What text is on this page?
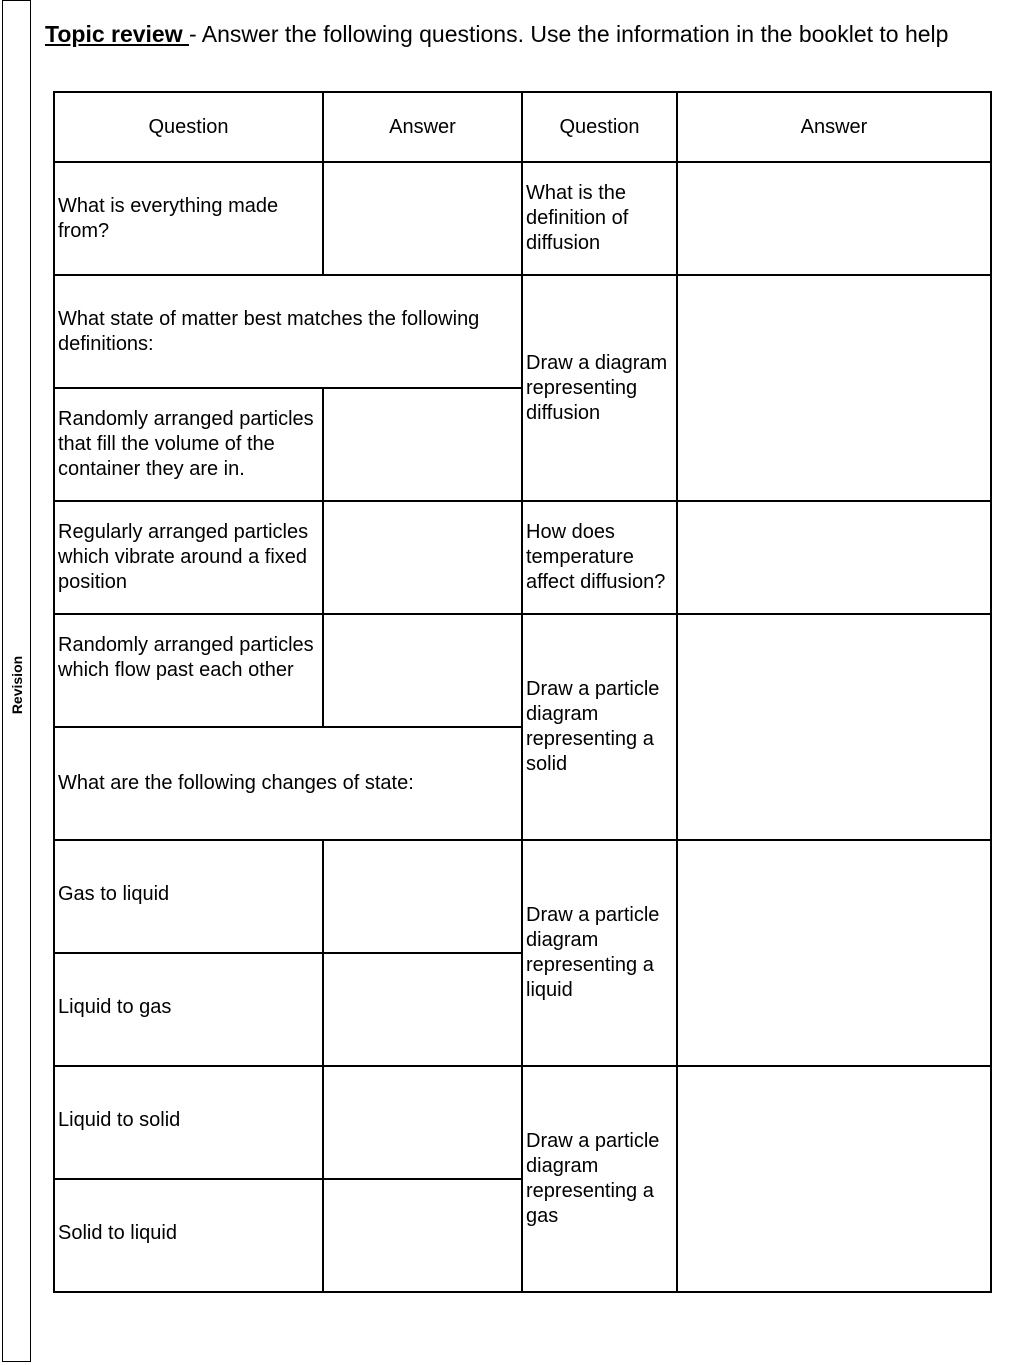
Revision
Topic review - Answer the following questions. Use the information in the booklet to help
Question	Answer	Question	Answer
What is everything made from?		What is the definition of diffusion	
What state of matter best matches the following definitions:		Draw a diagram representing diffusion	
Randomly arranged particles that fill the volume of the container they are in.			
Regularly arranged particles which vibrate around a fixed position		How does temperature affect diffusion?	
Randomly arranged particles which flow past each other		Draw a particle diagram representing a solid	
What are the following changes of state:			
Gas to liquid		Draw a particle diagram representing a liquid	
Liquid to gas			
Liquid to solid		Draw a particle diagram representing a gas	
Solid to liquid			
